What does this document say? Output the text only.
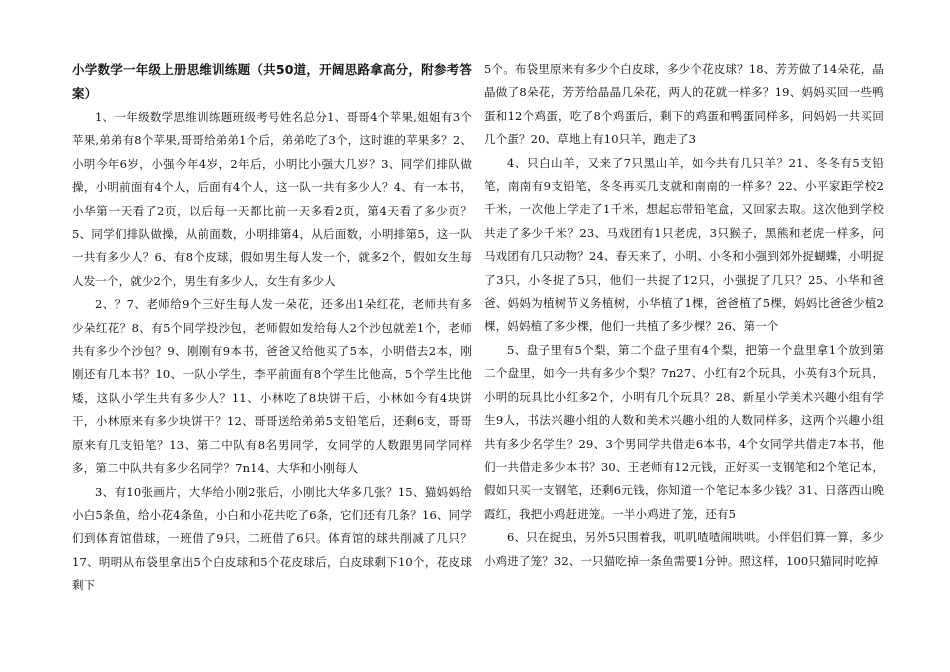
小学数学一年级上册思维训练题（共50道，开阔思路拿高分，附参考答案）

1、一年级数学思维训练题班级考号姓名总分1、哥哥4个苹果,姐姐有3个苹果,弟弟有8个苹果,哥哥给弟弟1个后，弟弟吃了3个，这时谁的苹果多？2、小明今年6岁，小强今年4岁，2年后，小明比小强大几岁？3、同学们排队做操，小明前面有4个人，后面有4个人，这一队一共有多少人？4、有一本书，小华第一天看了2页，以后每一天都比前一天多看2页，第4天看了多少页？5、同学们排队做操，从前面数，小明排第4，从后面数，小明排第5，这一队一共有多少人？6、有8个皮球，假如男生每人发一个，就多2个，假如女生每人发一个，就少2个，男生有多少人，女生有多少人

2、？7、老师给9个三好生每人发一朵花，还多出1朵红花，老师共有多少朵红花？8、有5个同学投沙包，老师假如发给每人2个沙包就差1个，老师共有多少个沙包？9、刚刚有9本书，爸爸又给他买了5本，小明借去2本，刚刚还有几本书？10、一队小学生，李平前面有8个学生比他高，5个学生比他矮，这队小学生共有多少人？11、小林吃了8块饼干后，小林如今有4块饼干，小林原来有多少块饼干？12、哥哥送给弟弟5支铅笔后，还剩6支，哥哥原来有几支铅笔？13、第二中队有8名男同学，女同学的人数跟男同学同样多，第二中队共有多少名同学？7n14、大华和小刚每人

3、有10张画片，大华给小刚2张后，小刚比大华多几张？15、猫妈妈给小白5条鱼，给小花4条鱼，小白和小花共吃了6条，它们还有几条？16、同学们到体育馆借球，一班借了9只，二班借了6只。体育馆的球共削减了几只？17、明明从布袋里拿出5个白皮球和5个花皮球后，白皮球剩下10个，花皮球剩下

5个。布袋里原来有多少个白皮球，多少个花皮球？18、芳芳做了14朵花，晶晶做了8朵花，芳芳给晶晶几朵花，两人的花就一样多？19、妈妈买回一些鸭蛋和12个鸡蛋，吃了8个鸡蛋后，剩下的鸡蛋和鸭蛋同样多，问妈妈一共买回几个蛋？20、草地上有10只羊，跑走了3

4、只白山羊，又来了7只黑山羊，如今共有几只羊？21、冬冬有5支铅笔，南南有9支铅笔，冬冬再买几支就和南南的一样多？22、小平家距学校2千米，一次他上学走了1千米，想起忘带铅笔盒，又回家去取。这次他到学校共走了多少千米？23、马戏团有1只老虎，3只猴子，黑熊和老虎一样多，问马戏团有几只动物？24、春天来了，小明、小冬和小强到郊外捉蝴蝶，小明捉了3只，小冬捉了5只，他们一共捉了12只，小强捉了几只？25、小华和爸爸、妈妈为植树节义务植树，小华植了1棵，爸爸植了5棵，妈妈比爸爸少植2棵，妈妈植了多少棵，他们一共植了多少棵？26、第一个

5、盘子里有5个梨，第二个盘子里有4个梨，把第一个盘里拿1个放到第二个盘里，如今一共有多少个梨？7n27、小红有2个玩具，小英有3个玩具，小明的玩具比小红多2个，小明有几个玩具？28、新星小学美术兴趣小组有学生9人，书法兴趣小组的人数和美术兴趣小组的人数同样多，这两个兴趣小组共有多少名学生？29、3个男同学共借走6本书，4个女同学共借走7本书，他们一共借走多少本书？30、王老师有12元钱，正好买一支钢笔和2个笔记本，假如只买一支钢笔，还剩6元钱，你知道一个笔记本多少钱？31、日落西山晚霞红，我把小鸡赶进笼。一半小鸡进了笼，还有5

6、只在捉虫，另外5只围着我，叽叽喳喳闹哄哄。小伴侣们算一算，多少小鸡进了笼？32、一只猫吃掉一条鱼需要1分钟。照这样，100只猫同时吃掉
